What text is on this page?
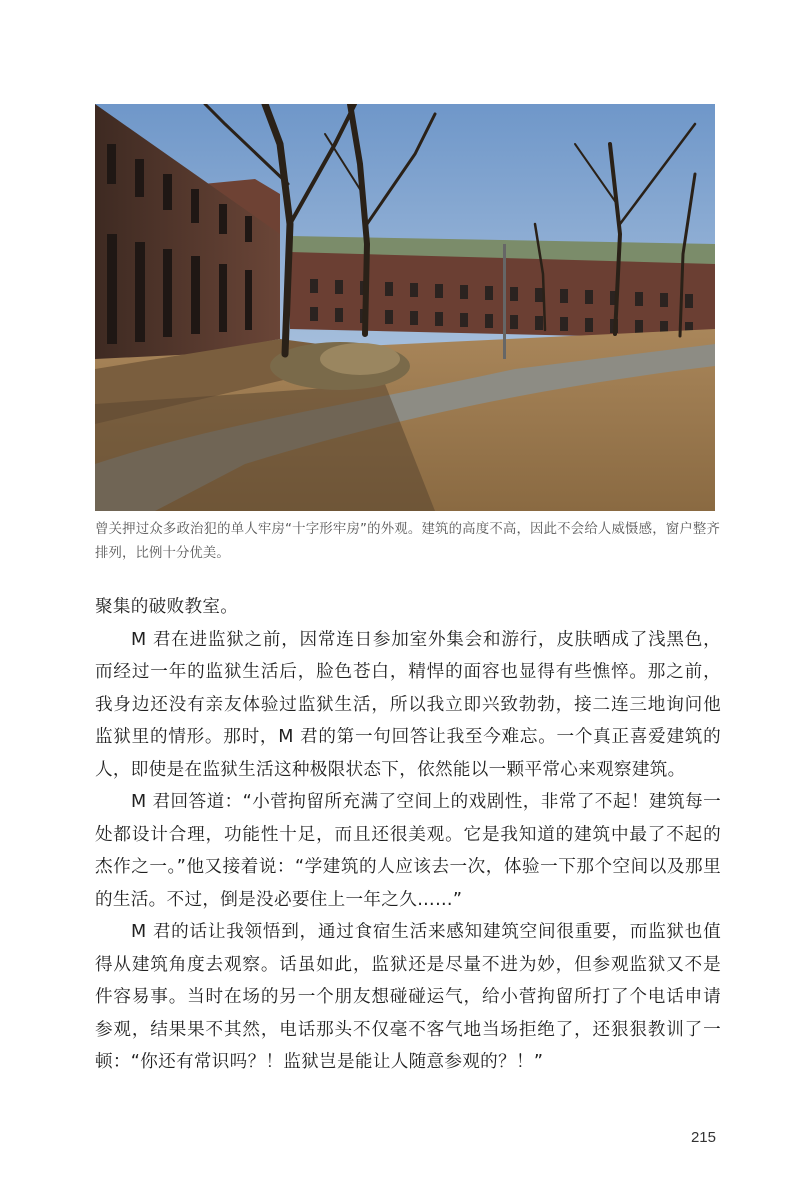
曾关押过众多政治犯的单人牢房“十字形牢房”的外观。建筑的高度不高，因此不会给人威慑感，窗户整齐排列，比例十分优美。

聚集的破败教室。

M 君在进监狱之前，因常连日参加室外集会和游行，皮肤晒成了浅黑色，而经过一年的监狱生活后，脸色苍白，精悍的面容也显得有些憔悴。那之前，我身边还没有亲友体验过监狱生活，所以我立即兴致勃勃，接二连三地询问他监狱里的情形。那时，M 君的第一句回答让我至今难忘。一个真正喜爱建筑的人，即使是在监狱生活这种极限状态下，依然能以一颗平常心来观察建筑。

M 君回答道：“小菅拘留所充满了空间上的戏剧性，非常了不起！建筑每一处都设计合理，功能性十足，而且还很美观。它是我知道的建筑中最了不起的杰作之一。”他又接着说：“学建筑的人应该去一次，体验一下那个空间以及那里的生活。不过，倒是没必要住上一年之久……”

M 君的话让我领悟到，通过食宿生活来感知建筑空间很重要，而监狱也值得从建筑角度去观察。话虽如此，监狱还是尽量不进为妙，但参观监狱又不是件容易事。当时在场的另一个朋友想碰碰运气，给小菅拘留所打了个电话申请参观，结果果不其然，电话那头不仅毫不客气地当场拒绝了，还狠狠教训了一顿：“你还有常识吗？！监狱岂是能让人随意参观的？！”

215
